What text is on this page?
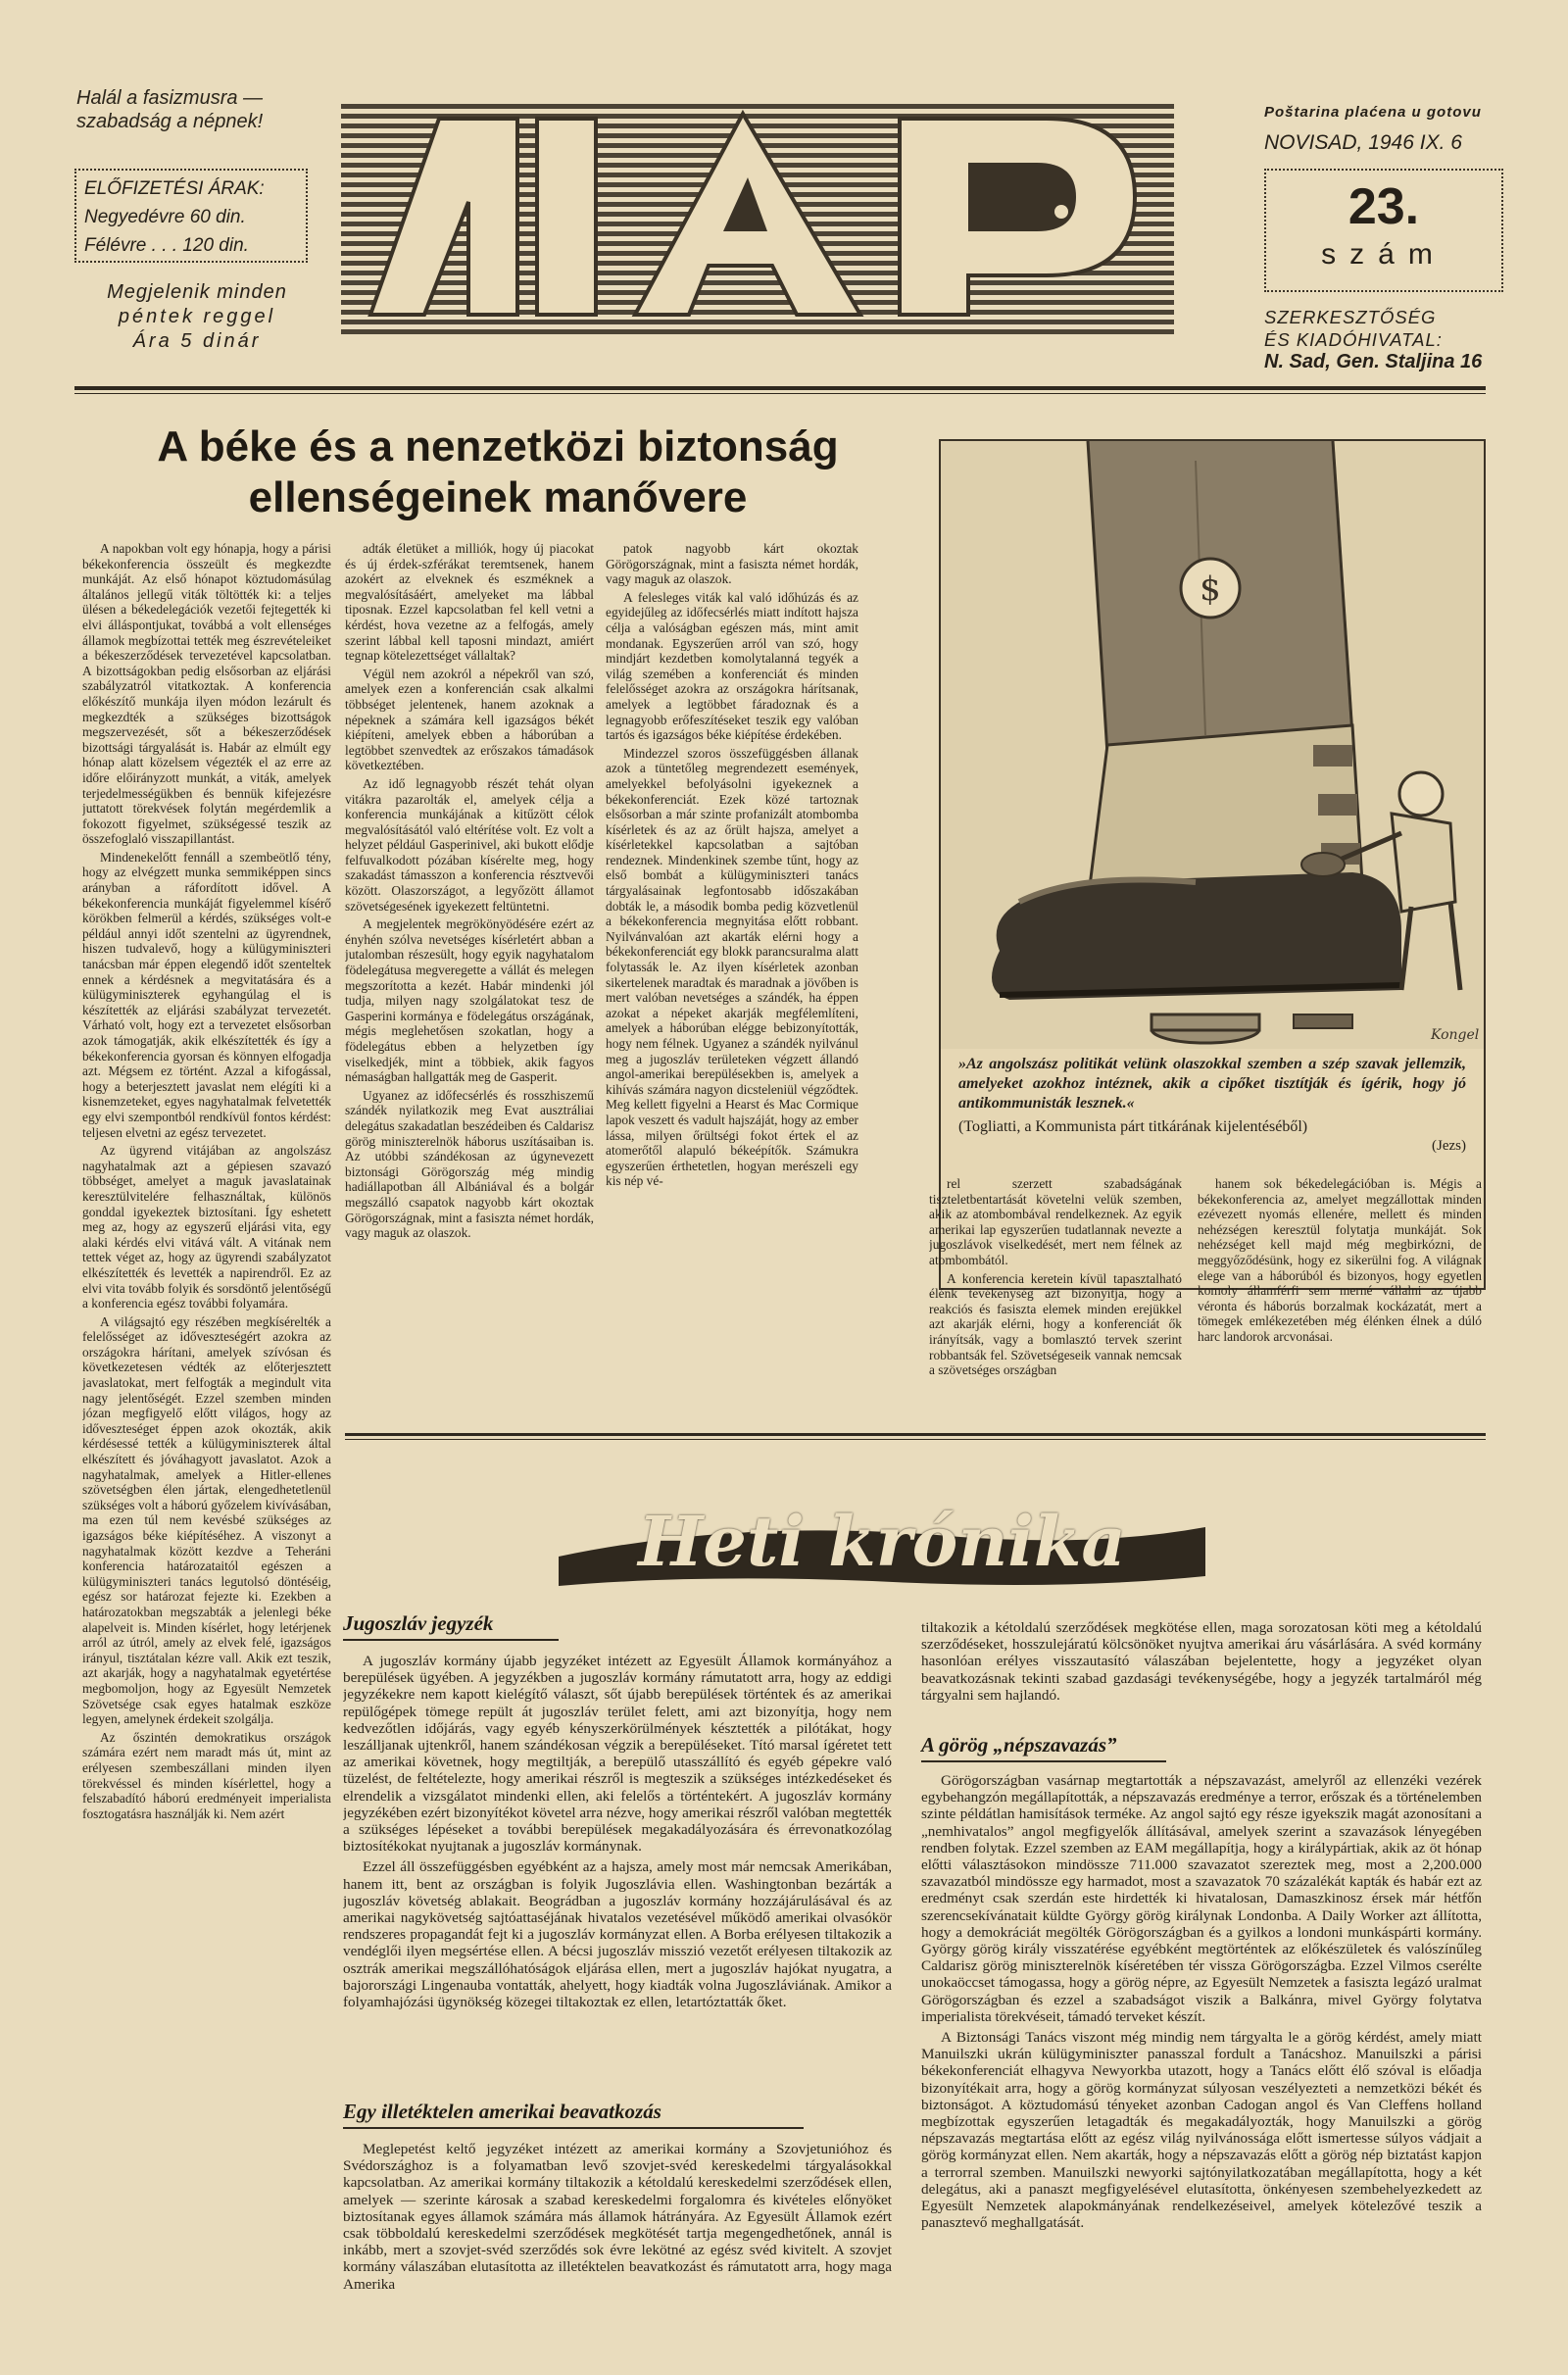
Halál a fasizmusra — szabadság a népnek!
ELŐFIZETÉSI ÁRAK:
Negyedévre 60 din.
Félévre . . . 120 din.
Megjelenik minden
péntek reggel
Ára 5 dinár
Poštarina plaćena u gotovu
NOVISAD, 1946 IX. 6
23.
szám
SZERKESZTŐSÉG
ÉS KIADÓHIVATAL:
N. Sad, Gen. Staljina 16
A béke és a nenzetközi biztonság
ellenségeinek manővere

A napokban volt egy hónapja, hogy a párisi békekonferencia összeült és megkezdte munkáját. Az első hónapot köztudomásúlag általános jellegű viták töltötték ki: a teljes ülésen a békedelegációk vezetői fejtegették ki elvi álláspontjukat, továbbá a volt ellenséges államok megbízottai tették meg észrevételeiket a békeszerződések tervezetével kapcsolatban. A bizottságokban pedig elsősorban az eljárási szabályzatról vitatkoztak. A konferencia előkészítő munkája ilyen módon lezárult és megkezdték a szükséges bizottságok megszervezését, sőt a békeszerződések bizottsági tárgyalását is. Habár az elmúlt egy hónap alatt közelsem végezték el az erre az időre előirányzott munkát, a viták, amelyek terjedelmességükben és bennük kifejezésre juttatott törekvések folytán megérdemlik a fokozott figyelmet, szükségessé teszik az összefoglaló visszapillantást.

Mindenekelőtt fennáll a szembeötlő tény, hogy az elvégzett munka semmiképpen sincs arányban a ráfordított idővel. A békekonferencia munkáját figyelemmel kísérő körökben felmerül a kérdés, szükséges volt-e például annyi időt szentelni az ügyrendnek, hiszen tudvalevő, hogy a külügyminiszteri tanácsban már éppen elegendő időt szenteltek ennek a kérdésnek a megvitatására és a külügyminiszterek egyhangúlag el is készítették az eljárási szabályzat tervezetét. Várható volt, hogy ezt a tervezetet elsősorban azok támogatják, akik elkészítették és így a békekonferencia gyorsan és könnyen elfogadja azt. Mégsem ez történt. Azzal a kifogással, hogy a beterjesztett javaslat nem elégíti ki a kisnemzeteket, egyes nagyhatalmak felvetették egy elvi szempontból rendkívül fontos kérdést: teljesen elvetni az egész tervezetet.

Az ügyrend vitájában az angolszász nagyhatalmak azt a gépiesen szavazó többséget, amelyet a maguk javaslatainak keresztülvitelére felhasználtak, különös gonddal igyekeztek biztosítani. Így eshetett meg az, hogy az egyszerű eljárási vita, egy alaki kérdés elvi vitává vált. A vitának nem tettek véget az, hogy az ügyrendi szabályzatot elkészítették és levették a napirendről. Ez az elvi vita tovább folyik és sorsdöntő jelentőségű a konferencia egész további folyamára.

A világsajtó egy részében megkísérelték a felelősséget az időveszteségért azokra az országokra hárítani, amelyek szívósan és következetesen védték az előterjesztett javaslatokat, mert felfogták a megindult vita nagy jelentőségét. Ezzel szemben minden józan megfigyelő előtt világos, hogy az időveszteséget éppen azok okozták, akik kérdésessé tették a külügyminiszterek által elkészített és jóváhagyott javaslatot. Azok a nagyhatalmak, amelyek a Hitler-ellenes szövetségben élen jártak, elengedhetetlenül szükséges volt a háború győzelem kivívásában, ma ezen túl nem kevésbé szükséges az igazságos béke kiépítéséhez. A viszonyt a nagyhatalmak között kezdve a Teheráni konferencia határozataitól egészen a külügyminiszteri tanács legutolsó döntéséig, egész sor határozat fejezte ki. Ezekben a határozatokban megszabták a jelenlegi béke alapelveit is. Minden kísérlet, hogy letérjenek arról az útról, amely az elvek felé, igazságos irányul, tisztátalan kézre vall. Akik ezt teszik, azt akarják, hogy a nagyhatalmak egyetértése megbomoljon, hogy az Egyesült Nemzetek Szövetsége csak egyes hatalmak eszköze legyen, amelynek érdekeit szolgálja.

Az őszintén demokratikus országok számára ezért nem maradt más út, mint az erélyesen szembeszállani minden ilyen törekvéssel és minden kísérlettel, hogy a felszabadító háború eredményeit imperialista fosztogatásra használják ki. Nem azért

adták életüket a milliók, hogy új piacokat és új érdek-szférákat teremtsenek, hanem azokért az elveknek és eszméknek a megvalósításáért, amelyeket ma lábbal tiposnak. Ezzel kapcsolatban fel kell vetni a kérdést, hova vezetne az a felfogás, amely szerint lábbal kell taposni mindazt, amiért tegnap kötelezettséget vállaltak?

Végül nem azokról a népekről van szó, amelyek ezen a konferencián csak alkalmi többséget jelentenek, hanem azoknak a népeknek a számára kell igazságos békét kiépíteni, amelyek ebben a háborúban a legtöbbet szenvedtek az erőszakos támadások következtében.

Az idő legnagyobb részét tehát olyan vitákra pazarolták el, amelyek célja a konferencia munkájának a kitűzött célok megvalósításától való eltérítése volt. Ez volt a helyzet például Gasperinivel, aki bukott elődje felfuvalkodott pózában kísérelte meg, hogy szakadást támasszon a konferencia résztvevői között. Olaszországot, a legyőzött államot szövetségesének igyekezett feltüntetni.

A megjelentek megrökönyödésére ezért az ényhén szólva nevetséges kísérletért abban a jutalomban részesült, hogy egyik nagyhatalom födelegátusa megveregette a vállát és melegen megszorította a kezét. Habár mindenki jól tudja, milyen nagy szolgálatokat tesz de Gasperini kormánya e födelegátus országának, mégis meglehetősen szokatlan, hogy a födelegátus ebben a helyzetben így viselkedjék, mint a többiek, akik fagyos némaságban hallgatták meg de Gasperit.

Ugyanez az időfecsérlés és rosszhiszemű szándék nyilatkozik meg Evat ausztráliai delegátus szakadatlan beszédeiben és Caldarisz görög miniszterelnök háborus uszításaiban is. Az utóbbi szándékosan az úgynevezett biztonsági Görögország még mindig hadiállapotban áll Albániával és a bolgár megszálló csapatok nagyobb kárt okoztak Görögországnak, mint a fasiszta német hordák, vagy maguk az olaszok.

patok nagyobb kárt okoztak Görögországnak, mint a fasiszta német hordák, vagy maguk az olaszok.

A felesleges viták kal való időhúzás és az egyidejűleg az időfecsérlés miatt indított hajsza célja a valóságban egészen más, mint amit mondanak. Egyszerűen arról van szó, hogy mindjárt kezdetben komolytalanná tegyék a világ szemében a konferenciát és minden felelősséget azokra az országokra hárítsanak, amelyek a legtöbbet fáradoznak és a legnagyobb erőfeszítéseket teszik egy valóban tartós és igazságos béke kiépítése érdekében.

Mindezzel szoros összefüggésben állanak azok a tüntetőleg megrendezett események, amelyekkel befolyásolni igyekeznek a békekonferenciát. Ezek közé tartoznak elsősorban a már szinte profanizált atombomba kísérletek és az az őrült hajsza, amelyet a kísérletekkel kapcsolatban a sajtóban rendeznek. Mindenkinek szembe tűnt, hogy az első bombát a külügyminiszteri tanács tárgyalásainak legfontosabb időszakában dobták le, a második bomba pedig közvetlenül a békekonferencia megnyitása előtt robbant. Nyilvánvalóan azt akarták elérni hogy a békekonferenciát egy blokk parancsuralma alatt folytassák le. Az ilyen kísérletek azonban sikertelenek maradtak és maradnak a jövőben is mert valóban nevetséges a szándék, ha éppen azokat a népeket akarják megfélemlíteni, amelyek a háborúban elégge bebizonyították, hogy nem félnek. Ugyanez a szándék nyilvánul meg a jugoszláv területeken végzett állandó angol-amerikai berepülésekben is, amelyek a kihívás számára nagyon dicsteleniül végződtek. Meg kellett figyelni a Hearst és Mac Cormique lapok veszett és vadult hajszáját, hogy az ember lássa, milyen őrültségi fokot értek el az atomerőtől alapuló békeépítők. Számukra egyszerűen érthetetlen, hogyan merészeli egy kis nép vé-

$
Kongel
»Az angolszász politikát velünk olaszokkal szemben a szép szavak jellemzik, amelyeket azokhoz intéznek, akik a cipőket tisztítják és ígérik, hogy jó antikommunisták lesznek.«
(Togliatti, a Kommunista párt titkárának kijelentéséből)
(Jezs)

rel szerzett szabadságának tiszteletbentartását követelni velük szemben, akik az atombombával rendelkeznek. Az egyik amerikai lap egyszerűen tudatlannak nevezte a jugoszlávok viselkedését, mert nem félnek az atombombától.

A konferencia keretein kívül tapasztalható élénk tevékenység azt bizonyítja, hogy a reakciós és fasiszta elemek minden erejükkel azt akarják elérni, hogy a konferenciát ők irányítsák, vagy a bomlasztó tervek szerint robbantsák fel. Szövetségeseik vannak nemcsak a szövetséges országban

hanem sok békedelegációban is. Mégis a békekonferencia az, amelyet megzállottak minden ezévezett nyomás ellenére, mellett és minden nehézségen keresztül folytatja munkáját. Sok nehézséget kell majd még megbirkózni, de meggyőződésünk, hogy ez sikerülni fog. A világnak elege van a háborúból és bizonyos, hogy egyetlen komoly államférfi sem merné vállalni az újabb véronta és háborús borzalmak kockázatát, mert a tömegek emlékezetében még élénken élnek a dúló harc landorok arcvonásai.

Heti krónika
Jugoszláv jegyzék

A jugoszláv kormány újabb jegyzéket intézett az Egyesült Államok kormányához a berepülések ügyében. A jegyzékben a jugoszláv kormány rámutatott arra, hogy az eddigi jegyzékekre nem kapott kielégítő választ, sőt újabb berepülések történtek és az amerikai repülőgépek tömege repült át jugoszláv terület felett, ami azt bizonyítja, hogy nem kedvezőtlen időjárás, vagy egyéb kényszerkörülmények késztették a pilótákat, hogy leszálljanak ujtenkről, hanem szándékosan végzik a berepüléseket. Tító marsal ígéretet tett az amerikai követnek, hogy megtiltják, a berepülő utasszállító és egyéb gépekre való tüzelést, de feltételezte, hogy amerikai részről is megteszik a szükséges intézkedéseket és elrendelik a vizsgálatot mindenki ellen, aki felelős a történtekért. A jugoszláv kormány jegyzékében ezért bizonyítékot követel arra nézve, hogy amerikai részről valóban megtették a szükséges lépéseket a további berepülések megakadályozására és érrevonatkozólag biztosítékokat nyujtanak a jugoszláv kormánynak.

Ezzel áll összefüggésben egyébként az a hajsza, amely most már nemcsak Amerikában, hanem itt, bent az országban is folyik Jugoszlávia ellen. Washingtonban bezárták a jugoszláv követség ablakait. Beográdban a jugoszláv kormány hozzájárulásával és az amerikai nagykövetség sajtóattaséjának hivatalos vezetésével működő amerikai olvasókör rendszeres propagandát fejt ki a jugoszláv kormányzat ellen. A Borba erélyesen tiltakozik a vendéglői ilyen megsértése ellen. A bécsi jugoszláv misszió vezetőt erélyesen tiltakozik az osztrák amerikai megszállóhatóságok eljárása ellen, mert a jugoszláv hajókat nyugatra, a bajorországi Lingenauba vontatták, ahelyett, hogy kiadták volna Jugoszláviának. Amikor a folyamhajózási ügynökség közegei tiltakoztak ez ellen, letartóztatták őket.

Egy illetéktelen amerikai beavatkozás

Meglepetést keltő jegyzéket intézett az amerikai kormány a Szovjetunióhoz és Svédországhoz is a folyamatban levő szovjet-svéd kereskedelmi tárgyalásokkal kapcsolatban. Az amerikai kormány tiltakozik a kétoldalú kereskedelmi szerződések ellen, amelyek — szerinte károsak a szabad kereskedelmi forgalomra és kivételes előnyöket biztosítanak egyes államok számára más államok hátrányára. Az Egyesült Államok ezért csak többoldalú kereskedelmi szerződések megkötését tartja megengedhetőnek, annál is inkább, mert a szovjet-svéd szerződés sok évre lekötné az egész svéd kivitelt. A szovjet kormány válaszában elutasította az illetéktelen beavatkozást és rámutatott arra, hogy maga Amerika

tiltakozik a kétoldalú szerződések megkötése ellen, maga sorozatosan köti meg a kétoldalú szerződéseket, hosszulejáratú kölcsönöket nyujtva amerikai áru vásárlására. A svéd kormány hasonlóan erélyes visszautasító válaszában bejelentette, hogy a jegyzéket olyan beavatkozásnak tekinti szabad gazdasági tevékenységébe, hogy a jegyzék tartalmáról még tárgyalni sem hajlandó.

A görög „népszavazás”

Görögországban vasárnap megtartották a népszavazást, amelyről az ellenzéki vezérek egybehangzón megállapították, a népszavazás eredménye a terror, erőszak és a történelemben szinte példátlan hamisítások terméke. Az angol sajtó egy része igyekszik magát azonosítani a „nemhivatalos” angol megfigyelők állításával, amelyek szerint a szavazások lényegében rendben folytak. Ezzel szemben az EAM megállapítja, hogy a királypártiak, akik az öt hónap előtti választásokon mindössze 711.000 szavazatot szereztek meg, most a 2,200.000 szavazatból mindössze egy harmadot, most a szavazatok 70 százalékát kapták és habár ezt az eredményt csak szerdán este hirdették ki hivatalosan, Damaszkinosz érsek már hétfőn szerencsekívánatait küldte György görög királynak Londonba. A Daily Worker azt állította, hogy a demokráciát megölték Görögországban és a gyilkos a londoni munkáspárti kormány. György görög király visszatérése egyébként megtörténtek az előkészületek és valószínűleg Caldarisz görög miniszterelnök kíséretében tér vissza Görögországba. Ezzel Vilmos cserélte unokaöccset támogassa, hogy a görög népre, az Egyesült Nemzetek a fasiszta legázó uralmat Görögországban és ezzel a szabadságot viszik a Balkánra, mivel György folytatva imperialista törekvéseit, támadó terveket készít.

A Biztonsági Tanács viszont még mindig nem tárgyalta le a görög kérdést, amely miatt Manuilszki ukrán külügyminiszter panasszal fordult a Tanácshoz. Manuilszki a párisi békekonferenciát elhagyva Newyorkba utazott, hogy a Tanács előtt élő szóval is előadja bizonyítékait arra, hogy a görög kormányzat súlyosan veszélyezteti a nemzetközi békét és biztonságot. A köztudomású tényeket azonban Cadogan angol és Van Cleffens holland megbízottak egyszerűen letagadták és megakadályozták, hogy Manuilszki a görög népszavazás megtartása előtt az egész világ nyilvánossága előtt ismertesse súlyos vádjait a görög kormányzat ellen. Nem akarták, hogy a népszavazás előtt a görög nép biztatást kapjon a terrorral szemben. Manuilszki newyorki sajtónyilatkozatában megállapította, hogy a két delegátus, aki a panaszt megfigyelésével elutasította, önkényesen szembehelyezkedett az Egyesült Nemzetek alapokmányának rendelkezéseivel, amelyek kötelezővé teszik a panasztevő meghallgatását.
